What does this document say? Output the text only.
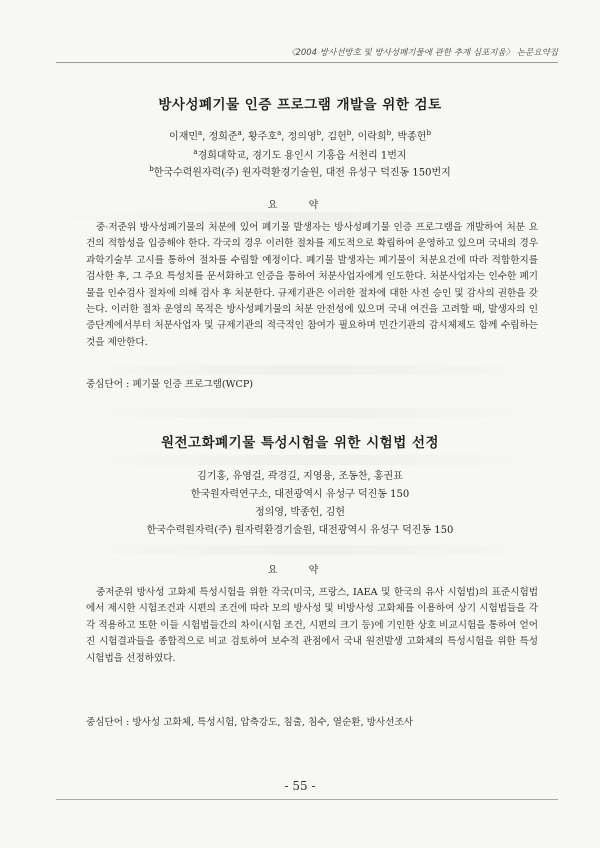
〈2004 방사선방호 및 방사성폐기물에 관한 추계 심포지움〉 논문요약집
방사성폐기물 인증 프로그램 개발을 위한 검토
이재민$^a$, 정희준$^a$, 황주호$^a$, 정의영$^b$, 김헌$^b$, 이락희$^b$, 박종헌$^b$
$^a$경희대학교, 경기도 용인시 기흥읍 서천리 1번지
$^b$한국수력원자력(주) 원자력환경기술원, 대전 유성구 덕진동 150번지
요 약
중·저준위 방사성폐기물의 처분에 있어 폐기물 발생자는 방사성폐기물 인증 프로그램을 개발하여 처분 요건의 적합성을 입증해야 한다. 각국의 경우 이러한 절차를 제도적으로 확립하여 운영하고 있으며 국내의 경우 과학기술부 고시를 통하여 절차를 수립할 예정이다. 폐기물 발생자는 폐기물이 처분요건에 따라 적합한지를 검사한 후, 그 주요 특성치를 문서화하고 인증을 통하여 처분사업자에게 인도한다. 처분사업자는 인수한 폐기물을 인수검사 절차에 의해 검사 후 처분한다. 규제기관은 이러한 절차에 대한 사전 승인 및 감사의 권한을 갖는다. 이러한 절차 운영의 목적은 방사성폐기물의 처분 안전성에 있으며 국내 여건을 고려할 때, 발생자의 인증단계에서부터 처분사업자 및 규제기관의 적극적인 참여가 필요하며 민간기관의 감시체제도 함께 수립하는 것을 제안한다.
중심단어 : 폐기물 인증 프로그램(WCP)
원전고화폐기물 특성시험을 위한 시험법 선정
김기홍, 유영걸, 곽경길, 지영용, 조동찬, 홍권표
한국원자력연구소, 대전광역시 유성구 덕진동 150
정의영, 박종헌, 김헌
한국수력원자력(주) 원자력환경기술원, 대전광역시 유성구 덕진동 150
요 약
중저준위 방사성 고화체 특성시험을 위한 각국(미국, 프랑스, IAEA 및 한국의 유사 시험법)의 표준시험법에서 제시한 시험조건과 시편의 조건에 따라 모의 방사성 및 비방사성 고화체를 이용하여 상기 시험법들을 각각 적용하고 또한 이들 시험법들간의 차이(시험 조건, 시편의 크기 등)에 기인한 상호 비교시험을 통하여 얻어진 시험결과들을 종합적으로 비교 검토하여 보수적 관점에서 국내 원전발생 고화체의 특성시험을 위한 특성시험법을 선정하였다.
중심단어 : 방사성 고화체, 특성시험, 압축강도, 침출, 침수, 열순환, 방사선조사
- 55 -
